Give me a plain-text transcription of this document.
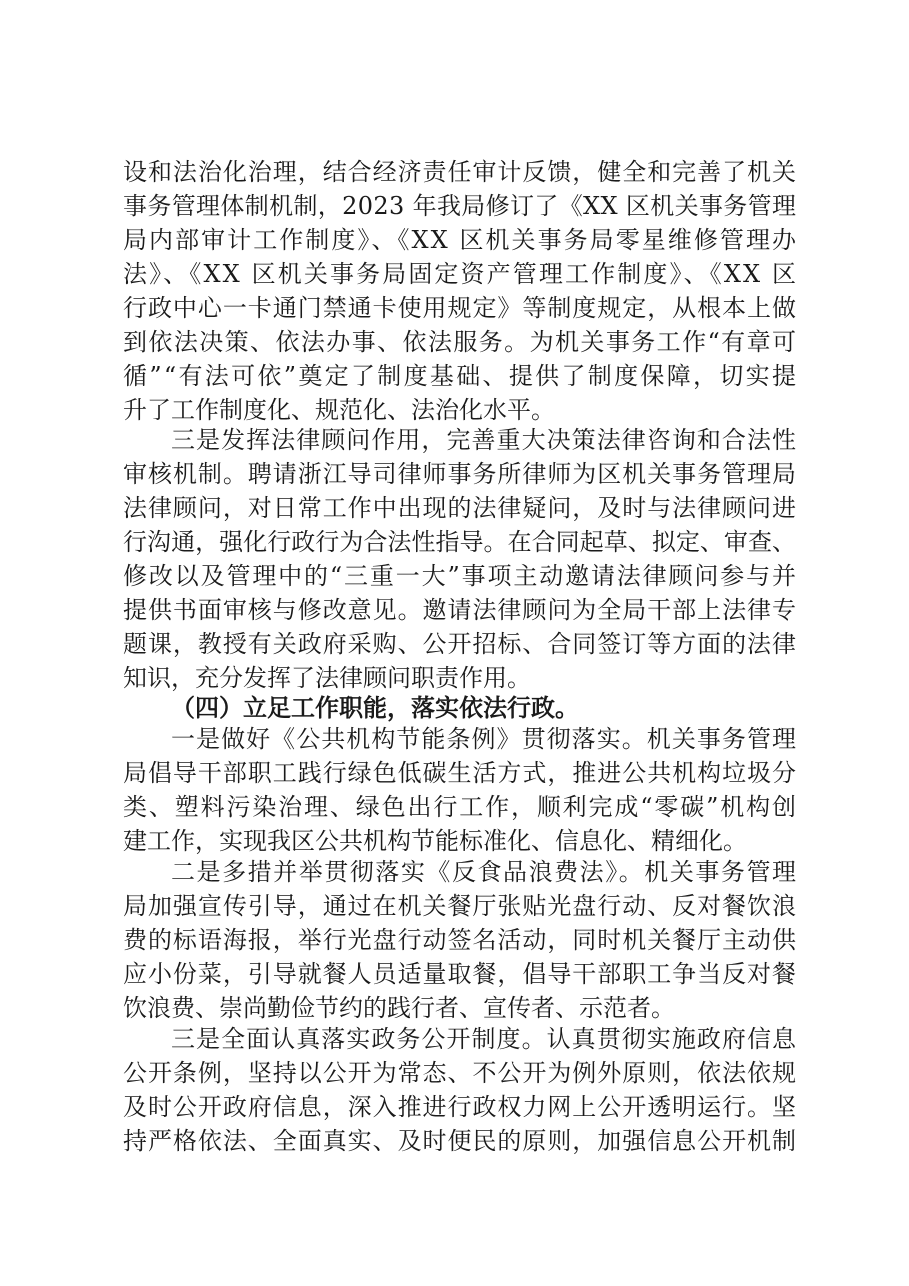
设和法治化治理，结合经济责任审计反馈，健全和完善了机关
事务管理体制机制，2023 年我局修订了《XX 区机关事务管理
局内部审计工作制度》、《XX 区机关事务局零星维修管理办
法》、《XX 区机关事务局固定资产管理工作制度》、《XX 区
行政中心一卡通门禁通卡使用规定》等制度规定，从根本上做
到依法决策、依法办事、依法服务。为机关事务工作“有章可
循”“有法可依”奠定了制度基础、提供了制度保障，切实提
升了工作制度化、规范化、法治化水平。
三是发挥法律顾问作用，完善重大决策法律咨询和合法性
审核机制。聘请浙江导司律师事务所律师为区机关事务管理局
法律顾问，对日常工作中出现的法律疑问，及时与法律顾问进
行沟通，强化行政行为合法性指导。在合同起草、拟定、审查、
修改以及管理中的“三重一大”事项主动邀请法律顾问参与并
提供书面审核与修改意见。邀请法律顾问为全局干部上法律专
题课，教授有关政府采购、公开招标、合同签订等方面的法律
知识，充分发挥了法律顾问职责作用。
（四）立足工作职能，落实依法行政。
一是做好《公共机构节能条例》贯彻落实。机关事务管理
局倡导干部职工践行绿色低碳生活方式，推进公共机构垃圾分
类、塑料污染治理、绿色出行工作，顺利完成“零碳”机构创
建工作，实现我区公共机构节能标准化、信息化、精细化。
二是多措并举贯彻落实《反食品浪费法》。机关事务管理
局加强宣传引导，通过在机关餐厅张贴光盘行动、反对餐饮浪
费的标语海报，举行光盘行动签名活动，同时机关餐厅主动供
应小份菜，引导就餐人员适量取餐，倡导干部职工争当反对餐
饮浪费、崇尚勤俭节约的践行者、宣传者、示范者。
三是全面认真落实政务公开制度。认真贯彻实施政府信息
公开条例，坚持以公开为常态、不公开为例外原则，依法依规
及时公开政府信息，深入推进行政权力网上公开透明运行。坚
持严格依法、全面真实、及时便民的原则，加强信息公开机制
